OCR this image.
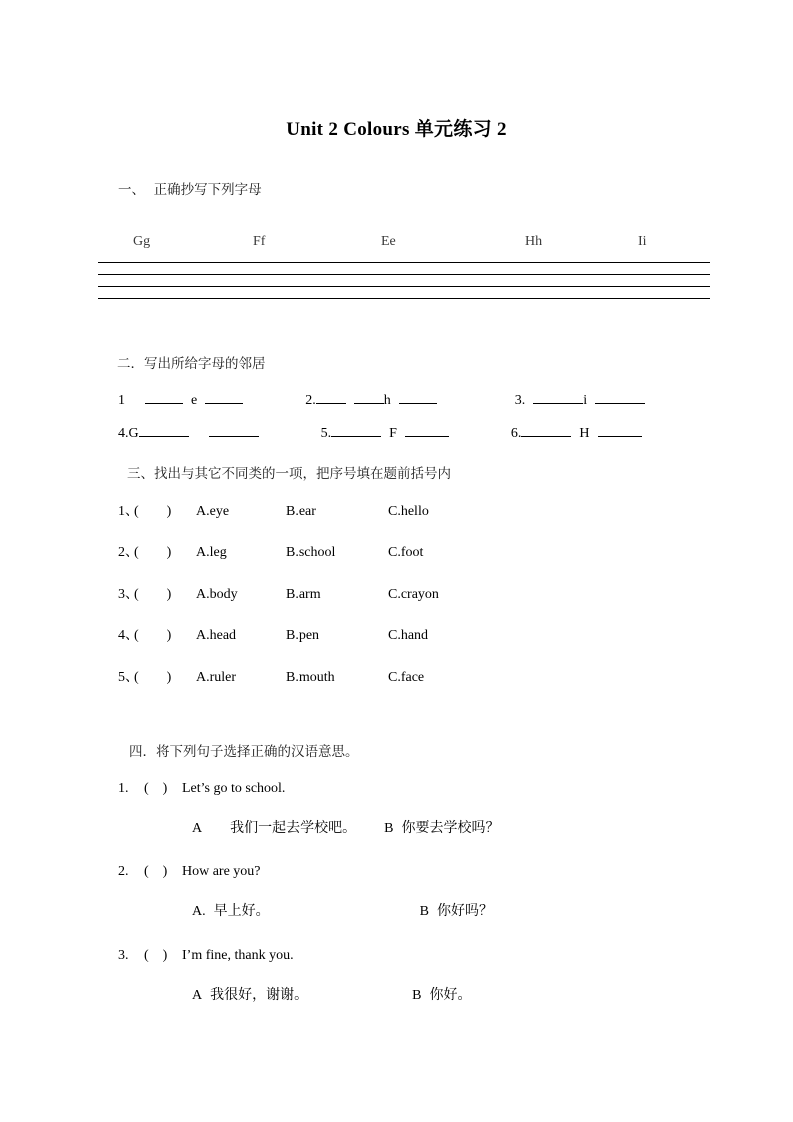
Unit 2 Colours 单元练习 2
一、  正确抄写下列字母
Gg	Ff	Ee	Hh	Ii
二．写出所给字母的邻居
1	e	2.	h	3.	i
4.G	5.	F	6.	H
三、找出与其它不同类的一项，把序号填在题前括号内
1、(        ) A.eye	B.ear	C.hello
2、(        ) A.leg	B.school	C.foot
3、(        ) A.body	B.arm	C.crayon
4、(        ) A.head	B.pen	C.hand
5、(        ) A.ruler	B.mouth	C.face
四．将下列句子选择正确的汉语意思。
1. (    ) Let’s go to school.
A 我们一起去学校吧。 B 你要去学校吗？
2. (    ) How are you?
A. 早上好。	B 你好吗？
3. (    ) I’m fine, thank you.
A 我很好，谢谢。	B 你好。
